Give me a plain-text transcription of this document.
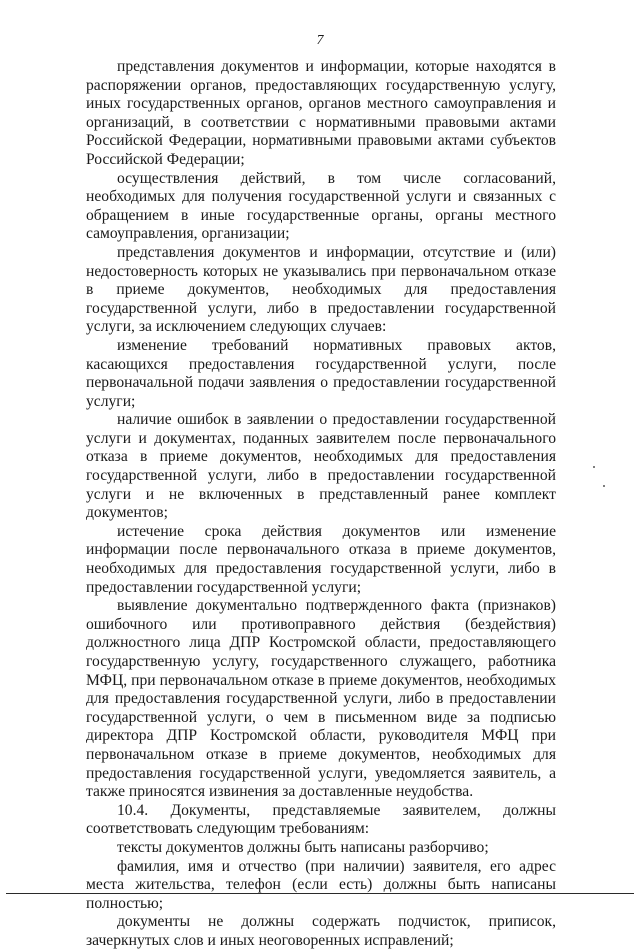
7

представления документов и информации, которые находятся в распоряжении органов, предоставляющих государственную услугу, иных государственных органов, органов местного самоуправления и организаций, в соответствии с нормативными правовыми актами Российской Федерации, нормативными правовыми актами субъектов Российской Федерации;

осуществления действий, в том числе согласований, необходимых для получения государственной услуги и связанных с обращением в иные государственные органы, органы местного самоуправления, организации;

представления документов и информации, отсутствие и (или) недостоверность которых не указывались при первоначальном отказе в приеме документов, необходимых для предоставления государственной услуги, либо в предоставлении государственной услуги, за исключением следующих случаев:

изменение требований нормативных правовых актов, касающихся предоставления государственной услуги, после первоначальной подачи заявления о предоставлении государственной услуги;

наличие ошибок в заявлении о предоставлении государственной услуги и документах, поданных заявителем после первоначального отказа в приеме документов, необходимых для предоставления государственной услуги, либо в предоставлении государственной услуги и не включенных в представленный ранее комплект документов;

истечение срока действия документов или изменение информации после первоначального отказа в приеме документов, необходимых для предоставления государственной услуги, либо в предоставлении государственной услуги;

выявление документально подтвержденного факта (признаков) ошибочного или противоправного действия (бездействия) должностного лица ДПР Костромской области, предоставляющего государственную услугу, государственного служащего, работника МФЦ, при первоначальном отказе в приеме документов, необходимых для предоставления государственной услуги, либо в предоставлении государственной услуги, о чем в письменном виде за подписью директора ДПР Костромской области, руководителя МФЦ при первоначальном отказе в приеме документов, необходимых для предоставления государственной услуги, уведомляется заявитель, а также приносятся извинения за доставленные неудобства.

10.4. Документы, представляемые заявителем, должны соответствовать следующим требованиям:

тексты документов должны быть написаны разборчиво;

фамилия, имя и отчество (при наличии) заявителя, его адрес места жительства, телефон (если есть) должны быть написаны полностью;

документы не должны содержать подчисток, приписок, зачеркнутых слов и иных неоговоренных исправлений;
